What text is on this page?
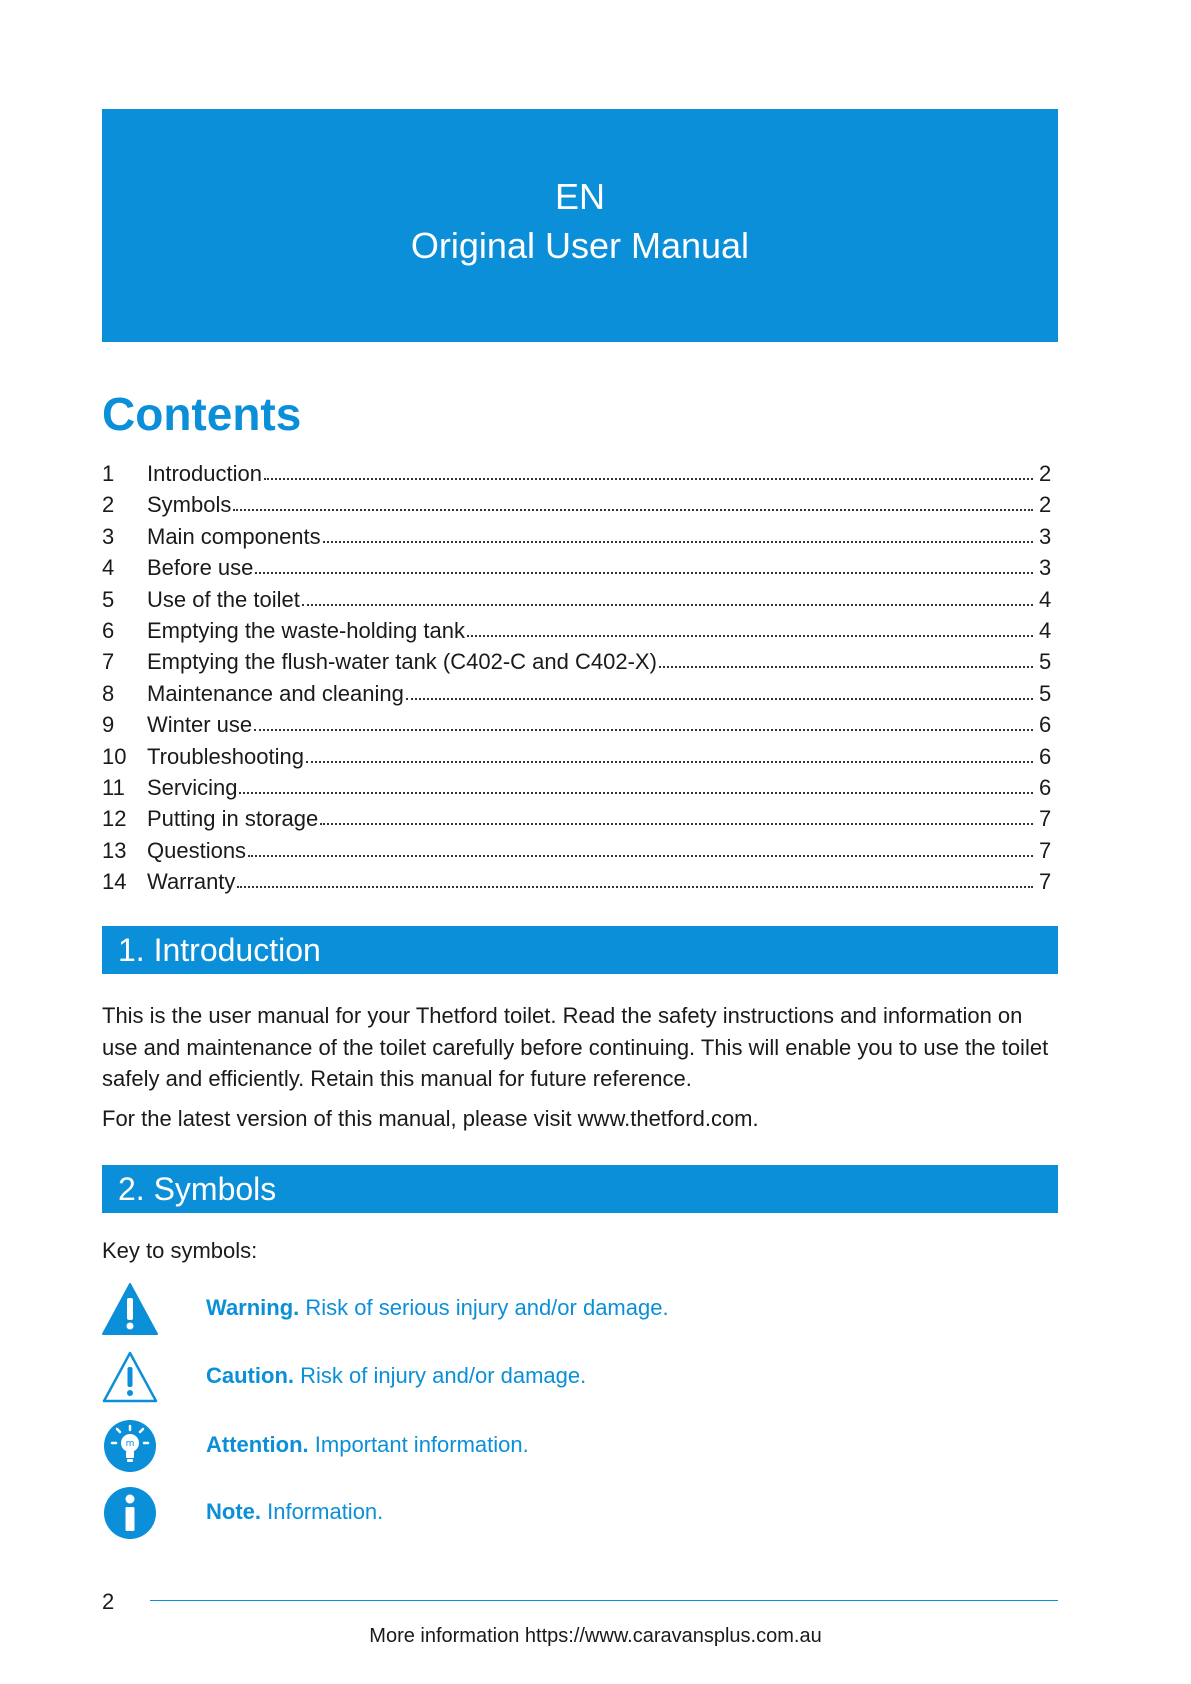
EN
Original User Manual
Contents
1	Introduction	2
2	Symbols	2
3	Main components	3
4	Before use	3
5	Use of the toilet	4
6	Emptying the waste-holding tank	4
7	Emptying the flush-water tank (C402-C and C402-X)	5
8	Maintenance and cleaning	5
9	Winter use	6
10 Troubleshooting	6
11	Servicing	6
12 Putting in storage	7
13 Questions	7
14 Warranty	7
1. Introduction

This is the user manual for your Thetford toilet. Read the safety instructions and information on use and maintenance of the toilet carefully before continuing. This will enable you to use the toilet safely and efficiently. Retain this manual for future reference.

For the latest version of this manual, please visit www.thetford.com.

2. Symbols

Key to symbols:

Warning. Risk of serious injury and/or damage.
Caution. Risk of injury and/or damage.
m	Attention. Important information.
Note. Information.
2
More information https://www.caravansplus.com.au
